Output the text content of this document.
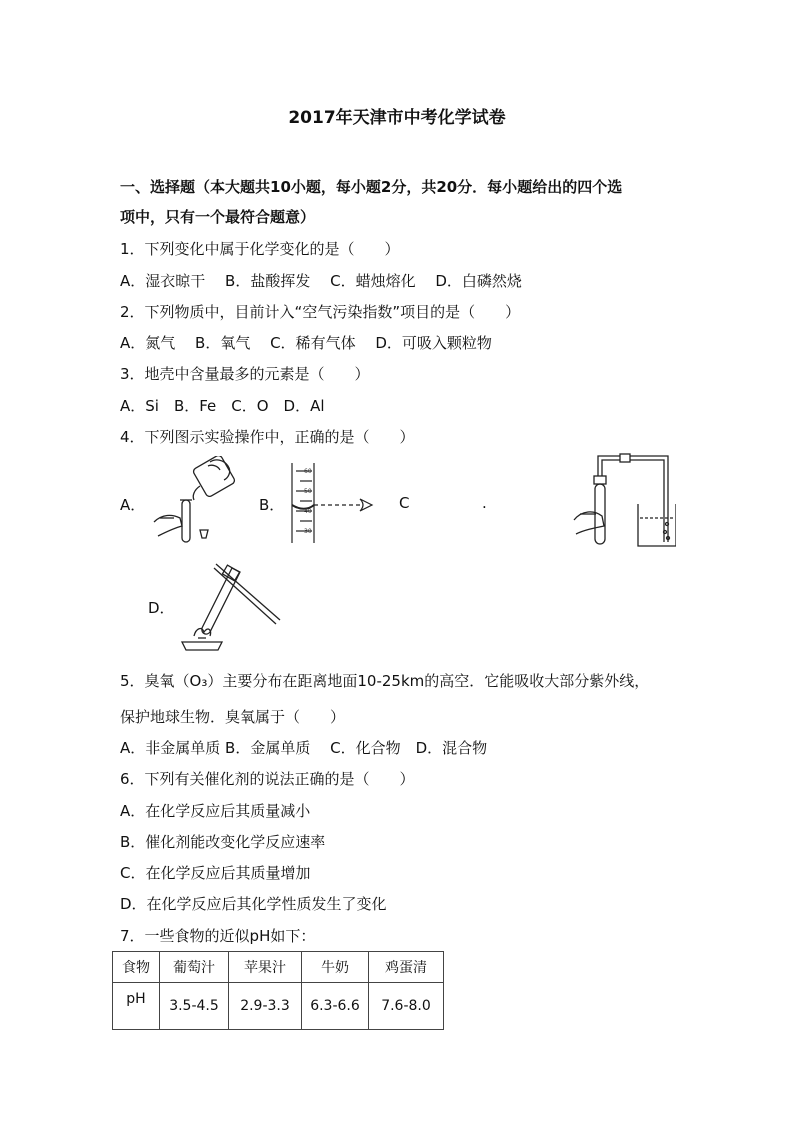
2017年天津市中考化学试卷
一、选择题（本大题共10小题，每小题2分，共20分．每小题给出的四个选
项中，只有一个最符合题意）
1．下列变化中属于化学变化的是（　　）
A．湿衣晾干　 B．盐酸挥发　 C．蜡烛熔化　 D．白磷然烧
2．下列物质中，目前计入“空气污染指数”项目的是（　　）
A．氮气　 B．氧气　 C．稀有气体　 D．可吸入颗粒物
3．地壳中含量最多的元素是（　　）
A．Si　B．Fe　C．O　D．Al
4．下列图示实验操作中，正确的是（　　）
A．	B．
60
50
40
30
C	.
D．
5．臭氧（O₃）主要分布在距离地面10-25km的高空．它能吸收大部分紫外线，
保护地球生物．臭氧属于（　　）
A．非金属单质 B．金属单质　 C．化合物　D．混合物
6．下列有关催化剂的说法正确的是（　　）
A．在化学反应后其质量减小
B．催化剂能改变化学反应速率
C．在化学反应后其质量增加
D．在化学反应后其化学性质发生了变化
7．一些食物的近似pH如下：
食物	葡萄汁	苹果汁	牛奶	鸡蛋清
pH	3.5-4.5	2.9-3.3	6.3-6.6	7.6-8.0
